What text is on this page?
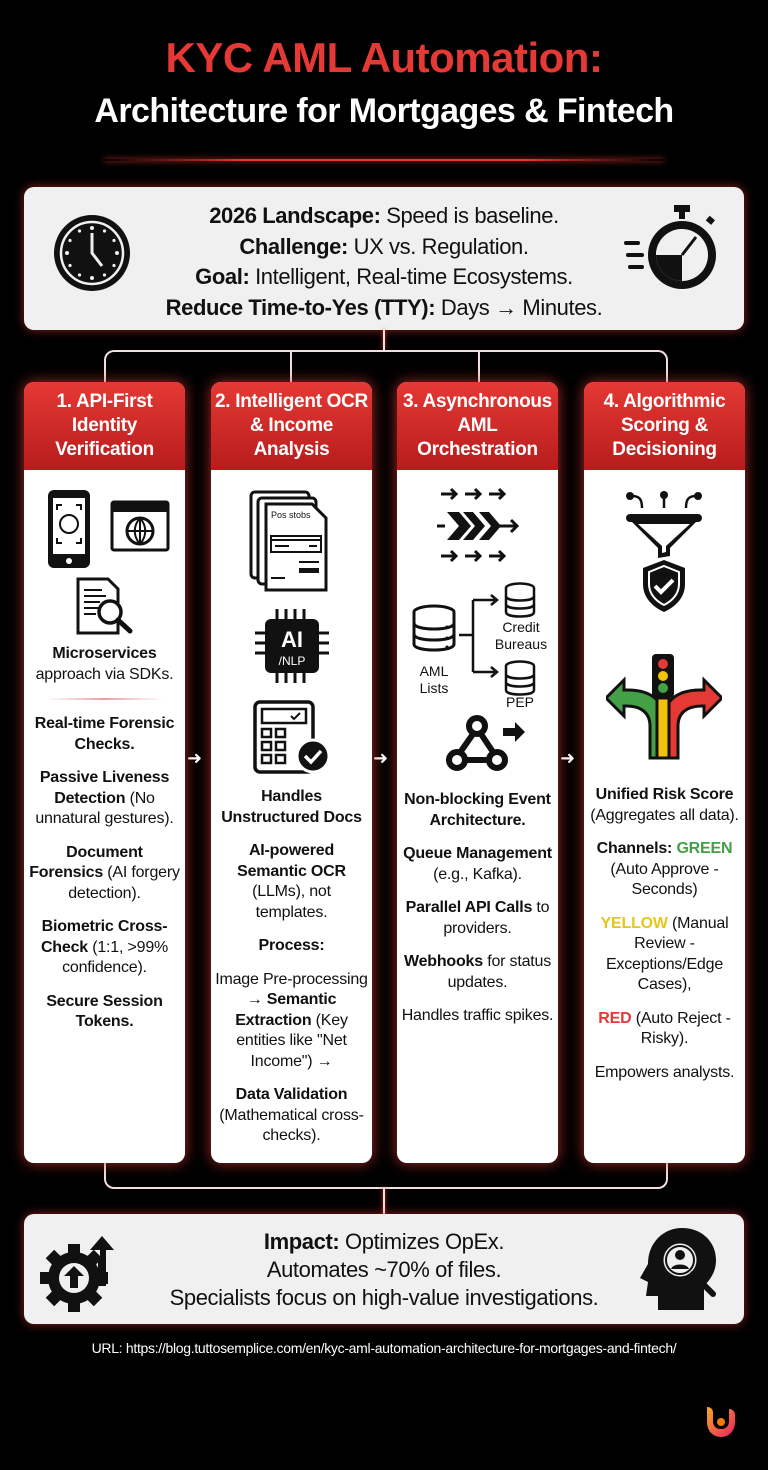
KYC AML Automation:
Architecture for Mortgages & Fintech
2026 Landscape: Speed is baseline.
Challenge: UX vs. Regulation.
Goal: Intelligent, Real-time Ecosystems.
Reduce Time-to-Yes (TTY): Days → Minutes.
➜	➜	➜
1. API-First Identity Verification

Microservices approach via SDKs.

Real-time Forensic Checks.

Passive Liveness Detection (No unnatural gestures).

Document Forensics (AI forgery detection).

Biometric Cross-Check (1:1, >99% confidence).

Secure Session Tokens.

2. Intelligent OCR & Income Analysis
Pos stobs
AI
/NLP

Handles Unstructured Docs

AI-powered Semantic OCR (LLMs), not templates.

Process:

Image Pre-processing → Semantic Extraction (Key entities like "Net Income") →

Data Validation (Mathematical cross-checks).

3. Asynchronous AML Orchestration
AML Lists
Credit Bureaus
PEP

Non-blocking Event Architecture.

Queue Management (e.g., Kafka).

Parallel API Calls to providers.

Webhooks for status updates.

Handles traffic spikes.

4. Algorithmic Scoring & Decisioning

Unified Risk Score (Aggregates all data).

Channels: GREEN (Auto Approve - Seconds)

YELLOW (Manual Review - Exceptions/Edge Cases),

RED (Auto Reject - Risky).

Empowers analysts.

Impact: Optimizes OpEx.
Automates ~70% of files.
Specialists focus on high-value investigations.
URL: https://blog.tuttosemplice.com/en/kyc-aml-automation-architecture-for-mortgages-and-fintech/
